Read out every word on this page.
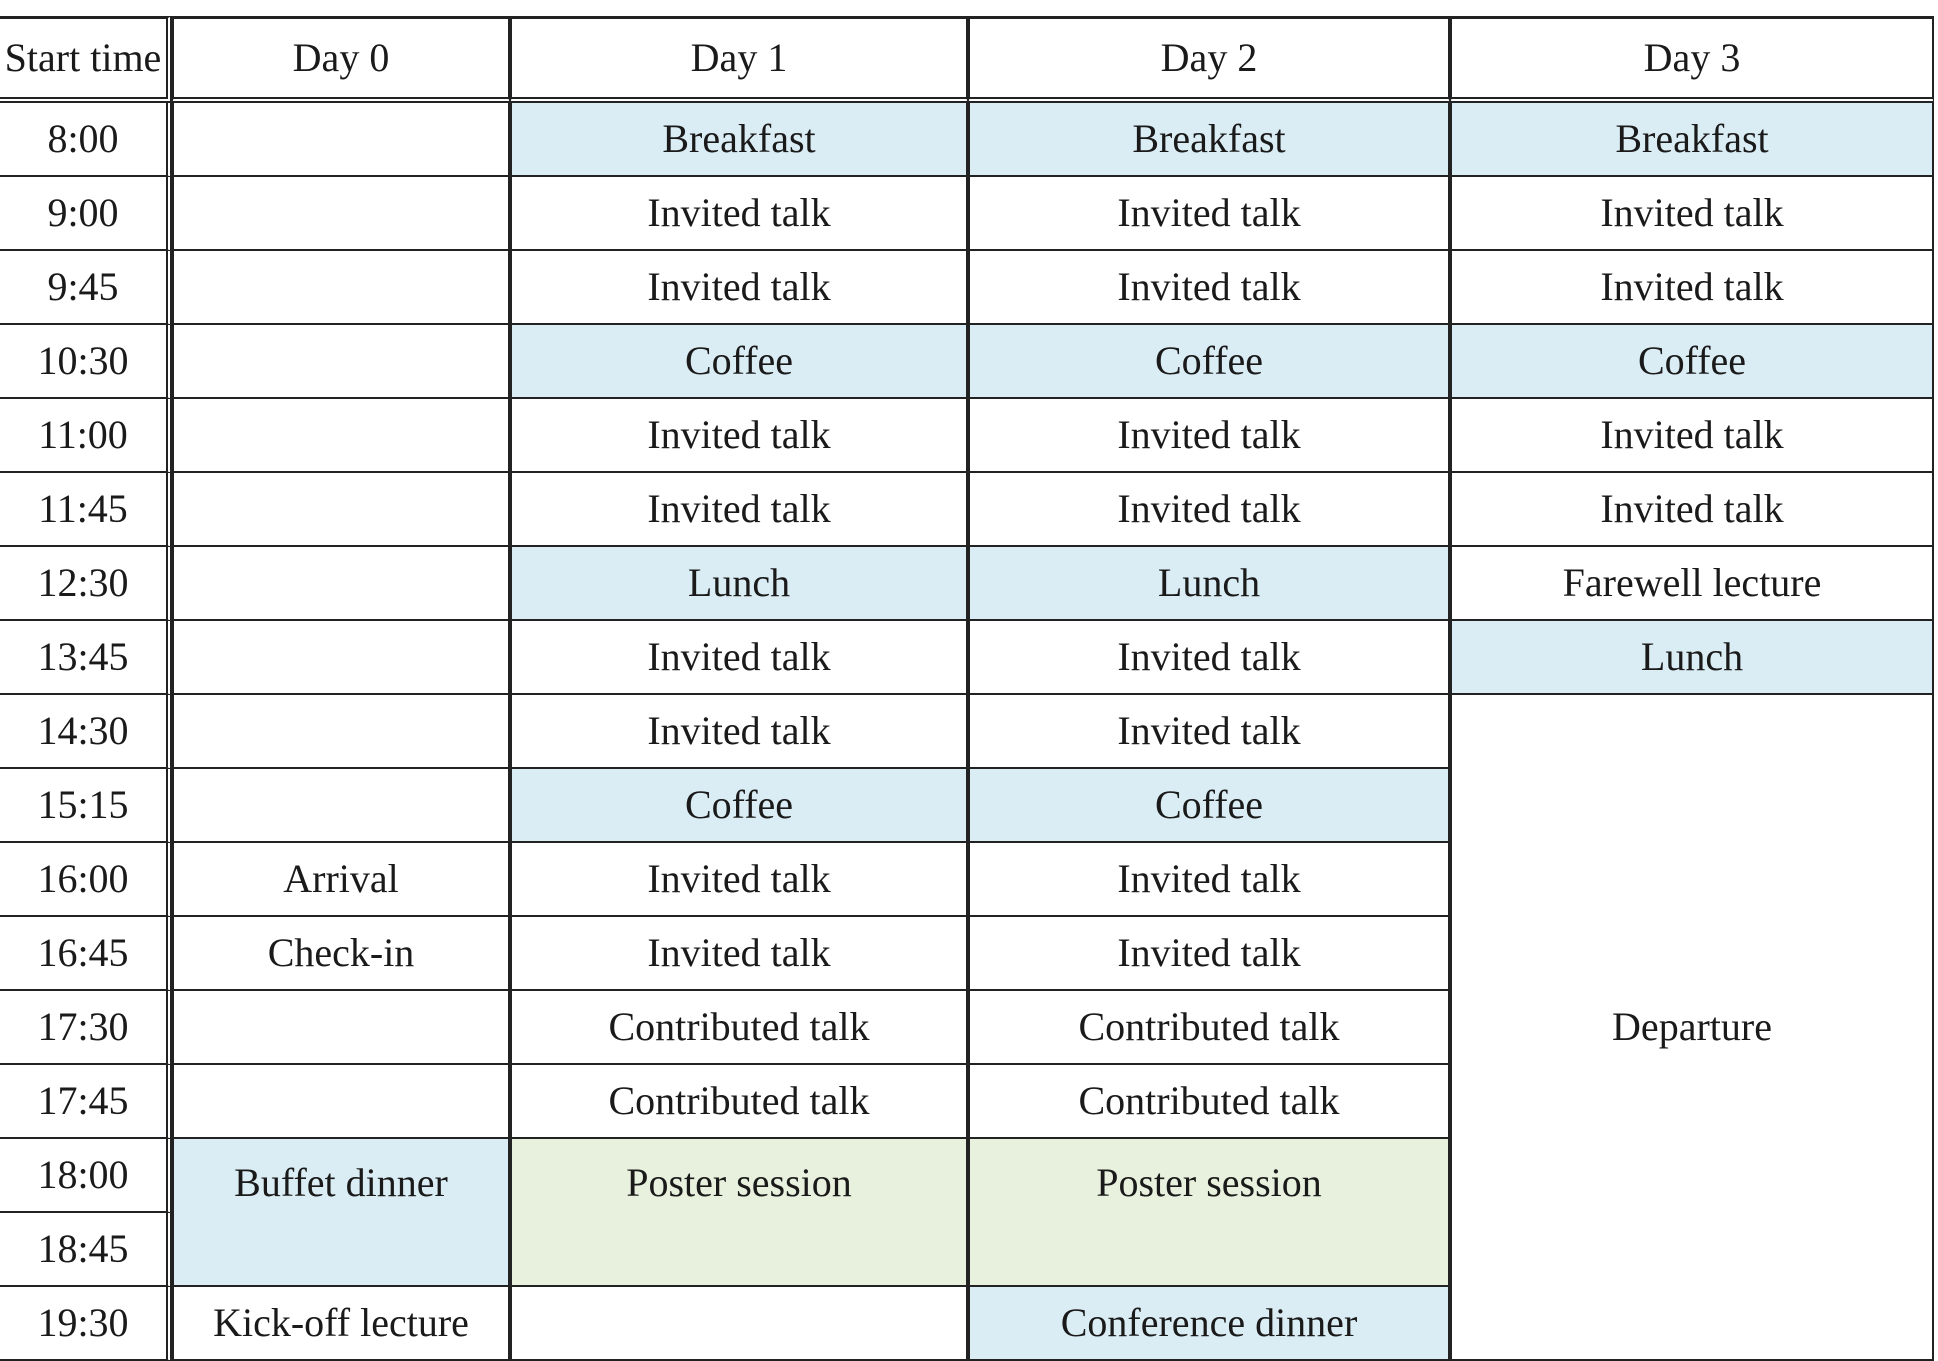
Start time	Day 0	Day 1	Day 2	Day 3
8:00		Breakfast	Breakfast	Breakfast
9:00		Invited talk	Invited talk	Invited talk
9:45		Invited talk	Invited talk	Invited talk
10:30		Coffee	Coffee	Coffee
11:00		Invited talk	Invited talk	Invited talk
11:45		Invited talk	Invited talk	Invited talk
12:30		Lunch	Lunch	Farewell lecture
13:45		Invited talk	Invited talk	Lunch
14:30		Invited talk	Invited talk	Departure
15:15		Coffee	Coffee	
16:00	Arrival	Invited talk	Invited talk	
16:45	Check-in	Invited talk	Invited talk	
17:30		Contributed talk	Contributed talk	
17:45		Contributed talk	Contributed talk	
18:00	Buffet dinner	Poster session	Poster session	
18:45				
19:30	Kick-off lecture		Conference dinner	
